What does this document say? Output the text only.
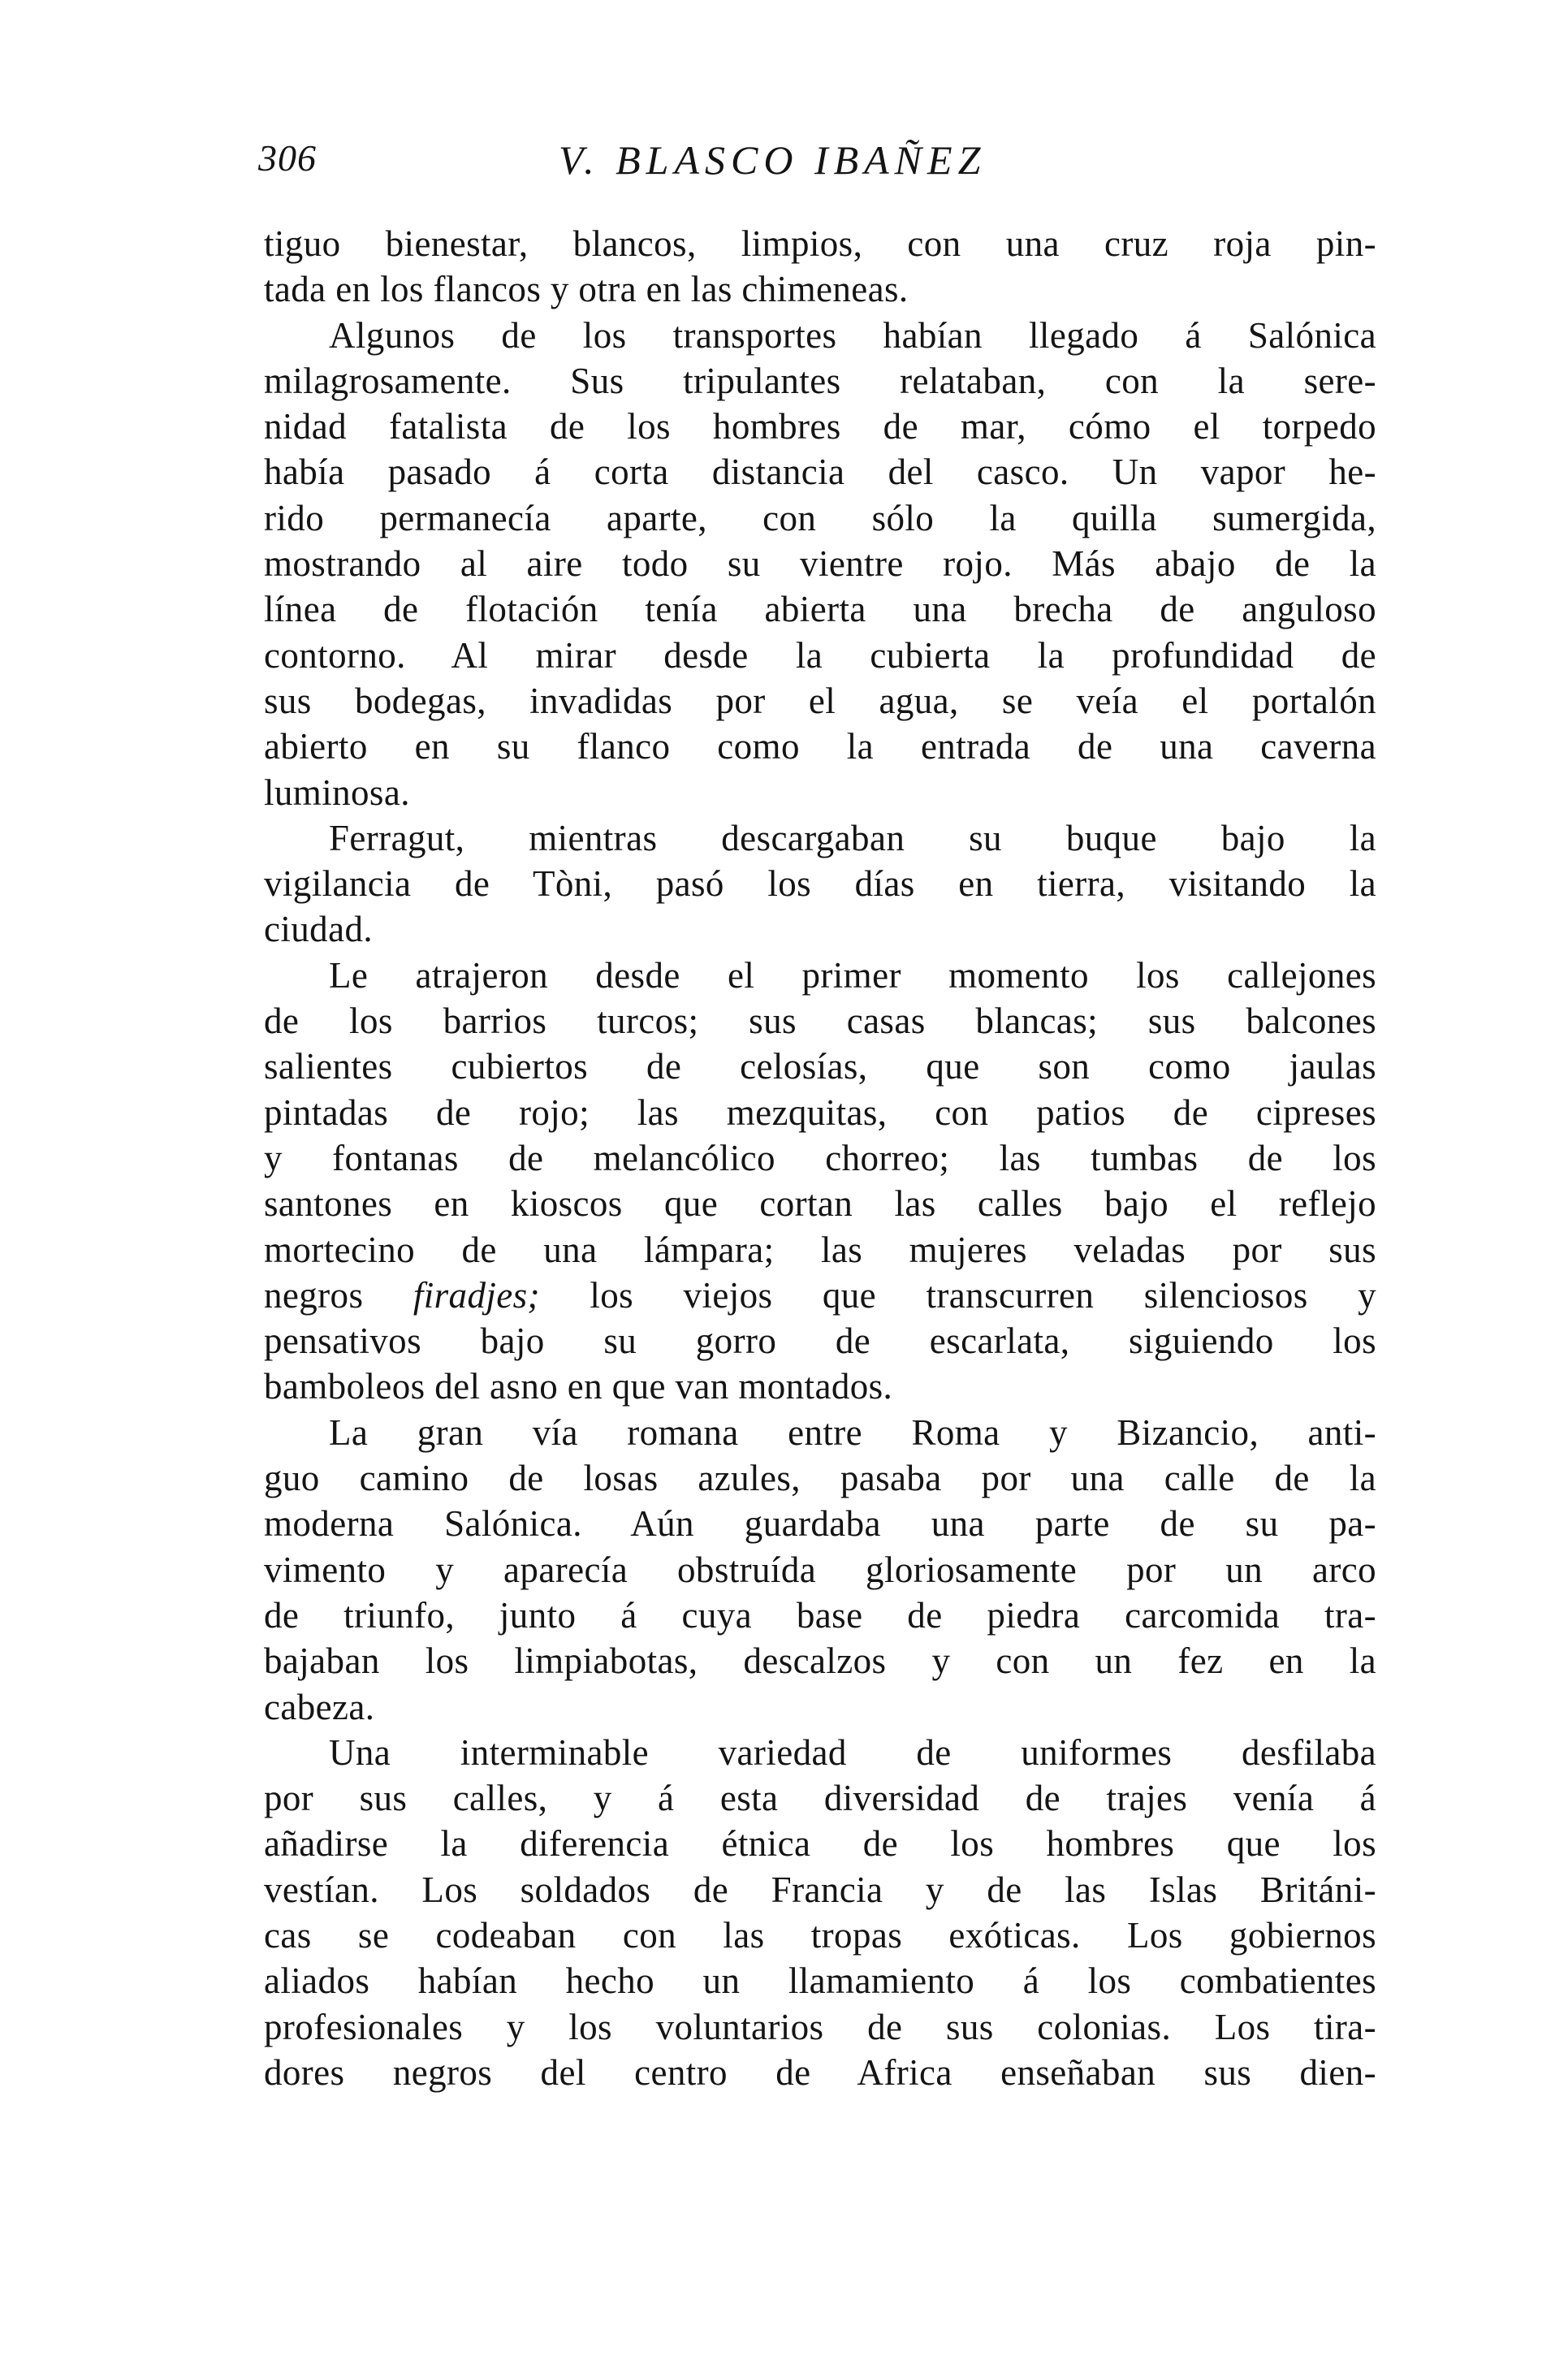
306	V. BLASCO IBAÑEZ
tiguo bienestar, blancos, limpios, con una cruz roja pin-
tada en los flancos y otra en las chimeneas.
Algunos de los transportes habían llegado á Salónica
milagrosamente. Sus tripulantes relataban, con la sere-
nidad fatalista de los hombres de mar, cómo el torpedo
había pasado á corta distancia del casco. Un vapor he-
rido permanecía aparte, con sólo la quilla sumergida,
mostrando al aire todo su vientre rojo. Más abajo de la
línea de flotación tenía abierta una brecha de anguloso
contorno. Al mirar desde la cubierta la profundidad de
sus bodegas, invadidas por el agua, se veía el portalón
abierto en su flanco como la entrada de una caverna
luminosa.
Ferragut, mientras descargaban su buque bajo la
vigilancia de Tòni, pasó los días en tierra, visitando la
ciudad.
Le atrajeron desde el primer momento los callejones
de los barrios turcos; sus casas blancas; sus balcones
salientes cubiertos de celosías, que son como jaulas
pintadas de rojo; las mezquitas, con patios de cipreses
y fontanas de melancólico chorreo; las tumbas de los
santones en kioscos que cortan las calles bajo el reflejo
mortecino de una lámpara; las mujeres veladas por sus
negros firadjes; los viejos que transcurren silenciosos y
pensativos bajo su gorro de escarlata, siguiendo los
bamboleos del asno en que van montados.
La gran vía romana entre Roma y Bizancio, anti-
guo camino de losas azules, pasaba por una calle de la
moderna Salónica. Aún guardaba una parte de su pa-
vimento y aparecía obstruída gloriosamente por un arco
de triunfo, junto á cuya base de piedra carcomida tra-
bajaban los limpiabotas, descalzos y con un fez en la
cabeza.
Una interminable variedad de uniformes desfilaba
por sus calles, y á esta diversidad de trajes venía á
añadirse la diferencia étnica de los hombres que los
vestían. Los soldados de Francia y de las Islas Británi-
cas se codeaban con las tropas exóticas. Los gobiernos
aliados habían hecho un llamamiento á los combatientes
profesionales y los voluntarios de sus colonias. Los tira-
dores negros del centro de Africa enseñaban sus dien-
